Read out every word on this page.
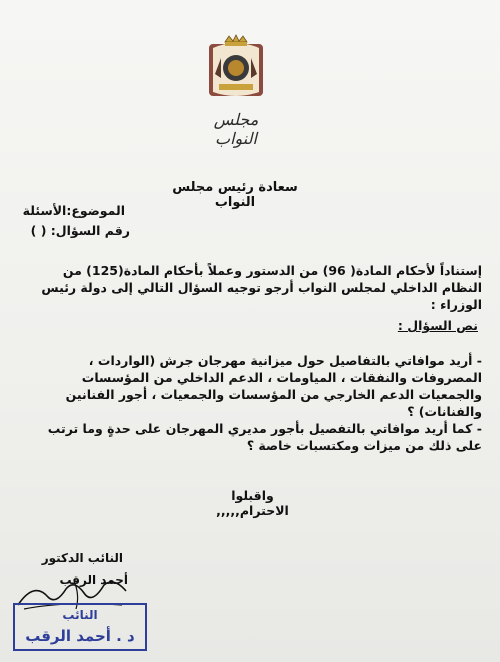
مجلس النواب
سعادة رئيس مجلس النواب
الموضوع:الأسئلة
رقم السؤال: ( )
إستناداً لأحكام المادة( 96) من الدستور وعملاً بأحكام المادة(125) من النظام الداخلي لمجلس النواب أرجو توجيه السؤال التالي إلى دولة رئيس الوزراء :
نص السؤال :
- أريد موافاتي بالتفاصيل حول ميزانية مهرجان جرش (الواردات ، المصروفات والنفقات ، المياومات ، الدعم الداخلي من المؤسسات والجمعيات الدعم الخارجي من المؤسسات والجمعيات ، أجور الفنانين والفنانات) ؟
- كما أريد موافاتي بالتفصيل بأجور مديري المهرجان على حدةٍ وما ترتب على ذلك من ميزات ومكتسبات خاصة ؟
واقبلوا الاحترام,,,,,
النائب الدكتور
أحمد الرقب
النائب
د . أحمد الرقب
